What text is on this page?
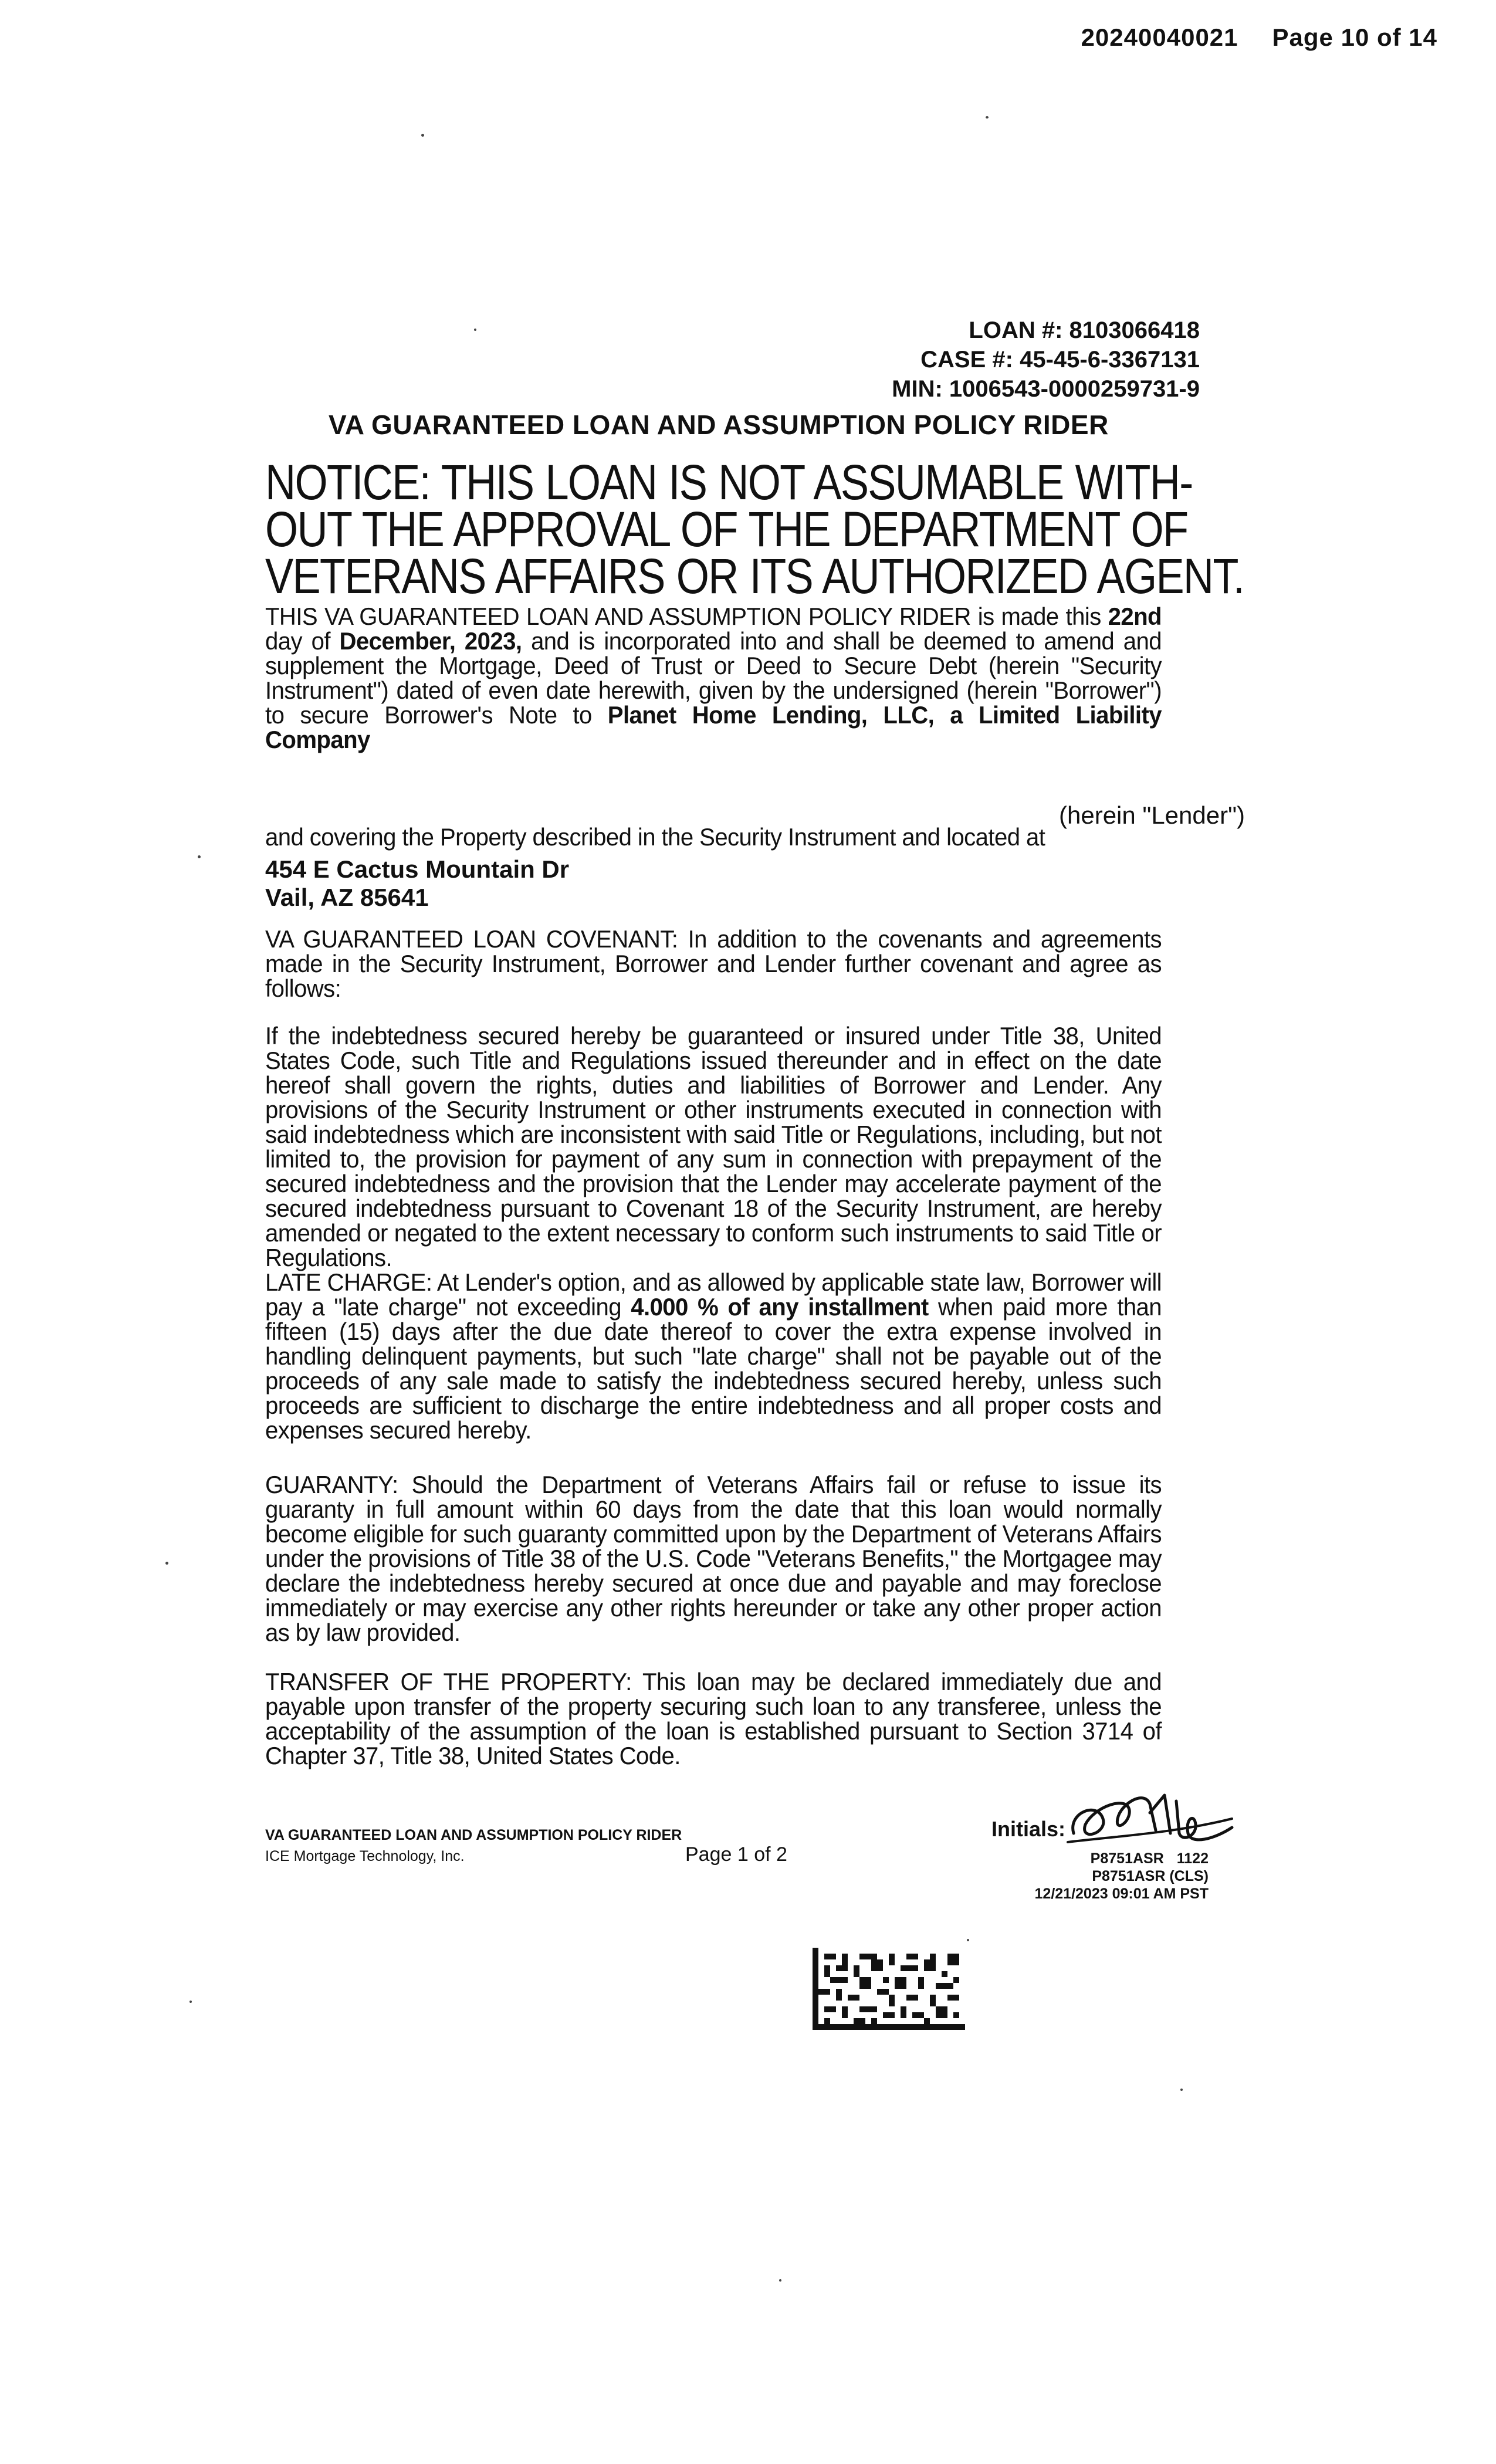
20240040021 Page 10 of 14
LOAN #: 8103066418
CASE #: 45-45-6-3367131
MIN: 1006543-0000259731-9
VA GUARANTEED LOAN AND ASSUMPTION POLICY RIDER
NOTICE: THIS LOAN IS NOT ASSUMABLE WITH-
OUT THE APPROVAL OF THE DEPARTMENT OF
VETERANS AFFAIRS OR ITS AUTHORIZED AGENT.
THIS VA GUARANTEED LOAN AND ASSUMPTION POLICY RIDER is made this 22nd day of December, 2023, and is incorporated into and shall be deemed to amend and supplement the Mortgage, Deed of Trust or Deed to Secure Debt (herein "Security Instrument") dated of even date herewith, given by the undersigned (herein "Borrower") to secure Borrower's Note to Planet Home Lending, LLC, a Limited Liability Company
(herein "Lender")
and covering the Property described in the Security Instrument and located at
454 E Cactus Mountain Dr
Vail, AZ 85641
VA GUARANTEED LOAN COVENANT: In addition to the covenants and agreements made in the Security Instrument, Borrower and Lender further covenant and agree as follows:
If the indebtedness secured hereby be guaranteed or insured under Title 38, United States Code, such Title and Regulations issued thereunder and in effect on the date hereof shall govern the rights, duties and liabilities of Borrower and Lender. Any provisions of the Security Instrument or other instruments executed in connection with said indebtedness which are inconsistent with said Title or Regulations, including, but not limited to, the provision for payment of any sum in connection with prepayment of the secured indebtedness and the provision that the Lender may accelerate payment of the secured indebtedness pursuant to Covenant 18 of the Security Instrument, are hereby amended or negated to the extent necessary to conform such instruments to said Title or Regulations.
LATE CHARGE: At Lender's option, and as allowed by applicable state law, Borrower will pay a "late charge" not exceeding 4.000 % of any installment when paid more than fifteen (15) days after the due date thereof to cover the extra expense involved in handling delinquent payments, but such "late charge" shall not be payable out of the proceeds of any sale made to satisfy the indebtedness secured hereby, unless such proceeds are sufficient to discharge the entire indebtedness and all proper costs and expenses secured hereby.
GUARANTY: Should the Department of Veterans Affairs fail or refuse to issue its guaranty in full amount within 60 days from the date that this loan would normally become eligible for such guaranty committed upon by the Department of Veterans Affairs under the provisions of Title 38 of the U.S. Code "Veterans Benefits," the Mortgagee may declare the indebtedness hereby secured at once due and payable and may foreclose immediately or may exercise any other rights hereunder or take any other proper action as by law provided.
TRANSFER OF THE PROPERTY: This loan may be declared immediately due and payable upon transfer of the property securing such loan to any transferee, unless the acceptability of the assumption of the loan is established pursuant to Section 3714 of Chapter 37, Title 38, United States Code.
VA GUARANTEED LOAN AND ASSUMPTION POLICY RIDER
ICE Mortgage Technology, Inc.	Page 1 of 2
Initials:
P8751ASR 1122
P8751ASR (CLS)
12/21/2023 09:01 AM PST
